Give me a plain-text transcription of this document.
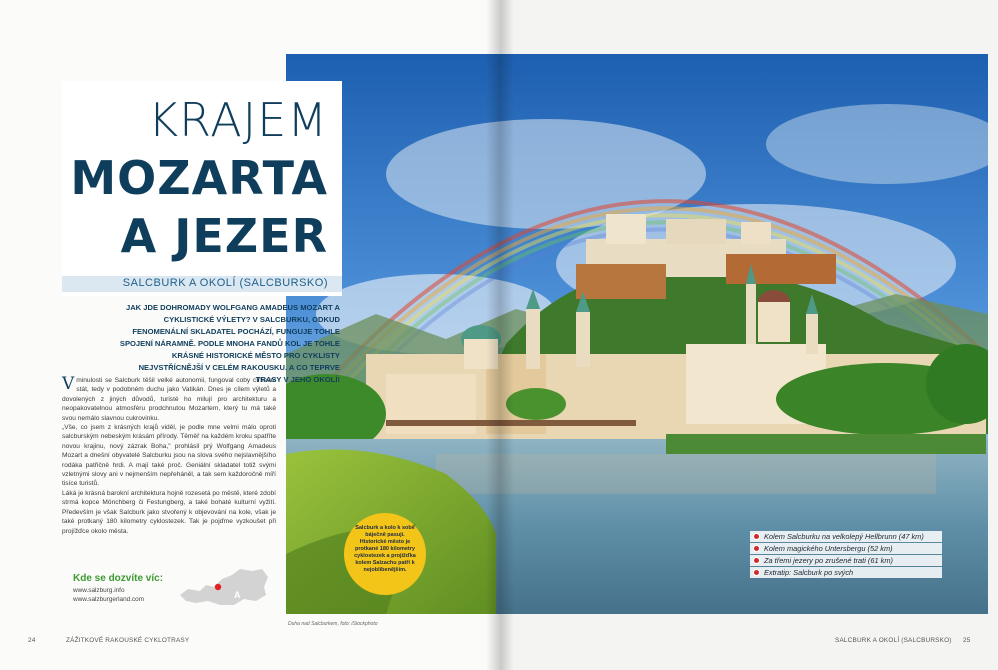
KRAJEM
MOZARTA
A JEZER
SALCBURK A OKOLÍ (SALCBURSKO)

JAK JDE DOHROMADY WOLFGANG AMADEUS MOZART A CYKLISTICKÉ VÝLETY? V SALCBURKU, ODKUD FENOMENÁLNÍ SKLADATEL POCHÁZÍ, FUNGUJE TOHLE SPOJENÍ NÁRAMNĚ. PODLE MNOHA FANDŮ KOL JE TOHLE KRÁSNÉ HISTORICKÉ MĚSTO PRO CYKLISTY NEJVSTŘÍCNĚJŠÍ V CELÉM RAKOUSKU. A CO TEPRVE TRASY V JEHO OKOLÍ!

Vminulosti se Salcburk těšil velké autonomii, fungoval coby církevní stát, tedy v podobném duchu jako Vatikán. Dnes je cílem výletů a dovolených z jiných důvodů, turisté ho milují pro architekturu a neopakovatelnou atmosféru prodchnutou Mozartem, který tu má také svou nemálo slavnou cukrovinku.

„Vše, co jsem z krásných krajů viděl, je podle mne velmi málo oproti salcburským nebeským krásám přírody. Těměř na každém kroku spatříte novou krajinu, nový zázrak Boha," prohlásil prý Wolfgang Amadeus Mozart a dnešní obyvatelé Salcburku jsou na slova svého nejslavnějšího rodáka patřičně hrdi. A mají také proč. Geniální skladatel totiž svými vzletnými slovy ani v nejmenším nepřeháněl, a tak sem každoročně míří tisíce turistů.

Láká je krásná barokní architektura hojně rozesetá po městě, které zdobí strmá kopce Mönchberg či Festungberg, a také bohaté kulturní vyžití. Především je však Salcburk jako stvořený k objevování na kole, však je také protkaný 180 kilometry cyklostezek. Tak je pojďme vyzkoušet při projížďce okolo města.

Kde se dozvíte víc:
www.salzburg.info
www.salzburgerland.com	A
Salcburk a kolo k sobě báječně pasují. Historické město je protkané 180 kilometry cyklostezek a projížďka kolem Salzachu patří k nejoblíbenějším.
Kolem Salcburku na velkolepý Hellbrunn (47 km)
Kolem magického Untersbergu (52 km)
Za třemi jezery po zrušené trati (61 km)
Extratip: Salcburk po svých
Duha nad Salcburkem, foto: iStockphoto
24	ZÁŽITKOVÉ RAKOUSKÉ CYKLOTRASY	SALCBURK A OKOLÍ (SALCBURSKO) 25
